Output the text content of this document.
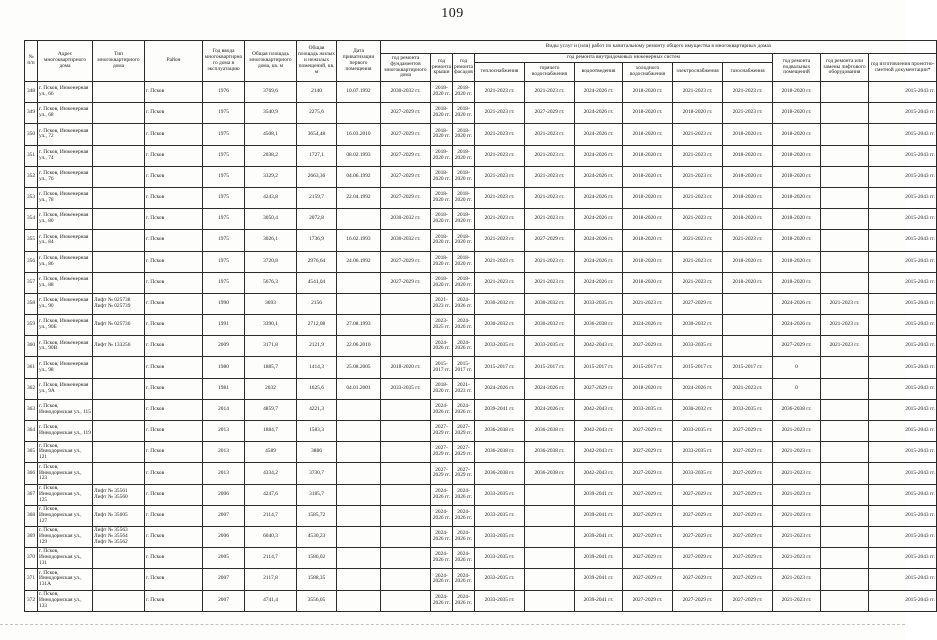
109
№ п/п	Адрес многоквартирного дома	Тип многоквартирного дома	Район	Год ввода многоквартирного дома в эксплуатацию	Общая площадь многоквартирного дома, кв. м	Общая площадь жилых и нежилых помещений, кв. м	Дата приватизации первого помещения	Виды услуг и (или) работ по капитальному ремонту общего имущества в многоквартирных домах											
								год ремонта фундаментов многоквартирного дома	год ремонта крыши	год ремонта фасадов	год ремонта внутридомовых инженерных систем						год ремонта подвальных помещений	год ремонта или замены лифтового оборудования	год изготовления проектно-сметной документации*
											теплоснабжения	горячего водоснабжения	водоотведения	холодного водоснабжения	электроснабжения	газоснабжения			
348	г. Псков, Инженерная ул., 66		г. Псков	1976	3769,6	2140	10.07.1992	2030-2032 гг.	2018-2020 гг.	2018-2020 гг.	2021-2023 гг.	2021-2023 гг.	2024-2026 гг.	2018-2020 гг.	2021-2023 гг.	2021-2023 гг.	2018-2020 гг.		2015-2043 гг.
349	г. Псков, Инженерная ул., 68		г. Псков	1975	3540,9	2275,6		2027-2029 гг.	2018-2020 гг.	2018-2020 гг.	2021-2023 гг.	2027-2029 гг.	2024-2026 гг.	2018-2020 гг.	2018-2020 гг.	2021-2023 гг.	2018-2020 гг.		2015-2043 гг.
350	г. Псков, Инженерная ул., 72		г. Псков	1975	4508,1	3654,48	16.03.2010	2027-2029 гг.	2018-2020 гг.	2018-2020 гг.	2021-2023 гг.	2021-2023 гг.	2024-2026 гг.	2018-2020 гг.	2021-2023 гг.	2018-2020 гг.	2018-2020 гг.		2015-2043 гг.
351	г. Псков, Инженерная ул., 74		г. Псков	1975	2038,2	1727,1	08.02.1993	2027-2029 гг.	2018-2020 гг.	2018-2020 гг.	2021-2023 гг.	2021-2023 гг.	2024-2026 гг.	2018-2020 гг.	2021-2023 гг.	2018-2020 гг.	2018-2020 гг.		2015-2043 гг.
352	г. Псков, Инженерная ул., 76		г. Псков	1975	3329,2	2663,36	04.06.1992	2027-2029 гг.	2018-2020 гг.	2018-2020 гг.	2021-2023 гг.	2021-2023 гг.	2024-2026 гг.	2018-2020 гг.	2021-2023 гг.	2018-2020 гг.	2018-2020 гг.		2015-2043 гг.
353	г. Псков, Инженерная ул., 78		г. Псков	1975	4243,8	2159,7	22.04.1992	2027-2029 гг.	2018-2020 гг.	2018-2020 гг.	2021-2023 гг.	2021-2023 гг.	2024-2026 гг.	2018-2020 гг.	2021-2023 гг.	2018-2020 гг.	2018-2020 гг.		2015-2043 гг.
354	г. Псков, Инженерная ул., 80		г. Псков	1975	3050,4	2072,8		2030-2032 гг.	2018-2020 гг.	2018-2020 гг.	2021-2023 гг.	2021-2023 гг.	2024-2026 гг.	2018-2020 гг.	2021-2023 гг.	2018-2020 гг.	2018-2020 гг.		2015-2043 гг.
355	г. Псков, Инженерная ул., 84		г. Псков	1975	3026,1	1736,9	16.02.1993	2030-2032 гг.	2018-2020 гг.	2018-2020 гг.	2021-2023 гг.	2027-2029 гг.	2024-2026 гг.	2018-2020 гг.	2021-2023 гг.	2021-2023 гг.	2018-2020 гг.		2015-2043 гг.
356	г. Псков, Инженерная ул., 86		г. Псков	1975	3720,8	2976,64	24.06.1992	2027-2029 гг.	2018-2020 гг.	2018-2020 гг.	2021-2023 гг.	2021-2023 гг.	2024-2026 гг.	2018-2020 гг.	2021-2023 гг.	2018-2020 гг.	2018-2020 гг.		2015-2043 гг.
357	г. Псков, Инженерная ул., 88		г. Псков	1975	5676,3	4541,04		2027-2029 гг.	2018-2020 гг.	2018-2020 гг.	2021-2023 гг.	2021-2023 гг.	2024-2026 гг.	2018-2020 гг.	2021-2023 гг.	2018-2020 гг.	2018-2020 гг.		2015-2043 гг.
358	г. Псков, Инженерная ул., 90	Лифт № 025738
Лифт № 025739	г. Псков	1990	3693	2156			2021-2023 гг.	2024-2026 гг.	2030-2032 гг.	2030-2032 гг.	2033-2035 гг.	2021-2023 гг.	2027-2029 гг.		2024-2026 гг.	2021-2023 гг.	2015-2043 гг.
359	г. Псков, Инженерная ул., 90Б	Лифт № 025736	г. Псков	1991	3390,1	2712,08	27.08.1993		2023-2025 гг.	2024-2026 гг.	2030-2032 гг.	2030-2032 гг.	2036-2038 гг.	2024-2026 гг.	2030-2032 гг.		2024-2026 гг.	2021-2023 гг.	2015-2043 гг.
360	г. Псков, Инженерная ул., 90В	Лифт № 133256	г. Псков	2009	3171,8	2121,9	22.06.2010		2024-2026 гг.	2024-2026 гг.	2033-2035 гг.	2033-2035 гг.	2042-2043 гг.	2027-2029 гг.	2033-2035 гг.		2027-2029 гг.	2021-2023 гг.	2015-2043 гг.
361	г. Псков, Инженерная ул., 98		г. Псков	1980	1885,7	1414,3	25.08.2005	2018-2020 гг.	2015-2017 гг.	2015-2017 гг.	2015-2017 гг.	2015-2017 гг.	2015-2017 гг.	2015-2017 гг.	2015-2017 гг.	2015-2017 гг.	0		2015-2043 гг.
362	г. Псков, Инженерная ул., 9А		г. Псков	1981	2032	1625,6	04.01.2001	2033-2035 гг.	2018-2020 гг.	2021-2023 гг.	2024-2026 гг.	2024-2026 гг.	2027-2029 гг.	2018-2020 гг.	2024-2026 гг.	2021-2023 гг.	0		2015-2043 гг.
363	г. Псков, Иннодормская ул., 115		г. Псков	2014	4859,7	4221,3			2024-2026 гг.	2024-2026 гг.	2039-2041 гг.	2024-2026 гг.	2042-2043 гг.	2033-2035 гг.	2030-2032 гг.	2033-2035 гг.	2036-2038 гг.		2015-2043 гг.
364	г. Псков, Иннодормская ул., 119		г. Псков	2013	1884,7	1583,3			2027-2029 гг.	2027-2029 гг.	2036-2038 гг.	2036-2038 гг.	2042-2043 гг.	2027-2029 гг.	2033-2035 гг.	2027-2029 гг.	2021-2023 гг.		2015-2043 гг.
365	г. Псков, Иннодормская ул., 121		г. Псков	2013	4589	3886			2027-2029 гг.	2027-2029 гг.	2036-2038 гг.	2036-2038 гг.	2042-2043 гг.	2027-2029 гг.	2033-2035 гг.	2027-2029 гг.	2021-2023 гг.		2015-2043 гг.
366	г. Псков, Иннодормская ул., 123		г. Псков	2013	4334,2	3730,7			2027-2029 гг.	2027-2029 гг.	2036-2038 гг.	2036-2038 гг.	2042-2043 гг.	2027-2029 гг.	2033-2035 гг.	2027-2029 гг.	2021-2023 гг.		2015-2043 гг.
367	г. Псков, Иннодормская ул., 125	Лифт № 35561
Лифт № 35560	г. Псков	2006	4247,6	3185,7			2024-2026 гг.	2024-2026 гг.	2033-2035 гг.		2039-2041 гг.	2027-2029 гг.	2027-2029 гг.	2027-2029 гг.	2021-2023 гг.		2015-2043 гг.
368	г. Псков, Иннодормская ул., 127	Лифт № 35605	г. Псков	2007	2114,7	1585,72			2024-2026 гг.	2024-2026 гг.	2033-2035 гг.		2039-2041 гг.	2027-2029 гг.	2027-2029 гг.	2027-2029 гг.	2021-2023 гг.		2015-2043 гг.
369	г. Псков, Иннодормская ул., 129	Лифт № 35563
Лифт № 35564
Лифт № 35562	г. Псков	2006	6040,3	4530,23			2024-2026 гг.	2024-2026 гг.	2033-2035 гг.		2039-2041 гг.	2027-2029 гг.	2027-2029 гг.	2027-2029 гг.	2021-2023 гг.		2015-2043 гг.
370	г. Псков, Иннодормская ул., 131		г. Псков	2005	2114,7	1586,02			2024-2026 гг.	2024-2026 гг.	2033-2035 гг.		2039-2041 гг.	2027-2029 гг.	2027-2029 гг.	2027-2029 гг.	2021-2023 гг.		2015-2043 гг.
371	г. Псков, Иннодормская ул., 131А		г. Псков	2007	2117,8	1588,35			2024-2026 гг.	2024-2026 гг.	2033-2035 гг.		2039-2041 гг.	2027-2029 гг.	2027-2029 гг.	2027-2029 гг.	2021-2023 гг.		2015-2043 гг.
372	г. Псков, Иннодормская ул., 133		г. Псков	2007	4741,4	3556,05			2024-2026 гг.	2024-2026 гг.	2033-2035 гг.		2039-2041 гг.	2027-2029 гг.	2027-2029 гг.	2027-2029 гг.	2021-2023 гг.		2015-2043 гг.
